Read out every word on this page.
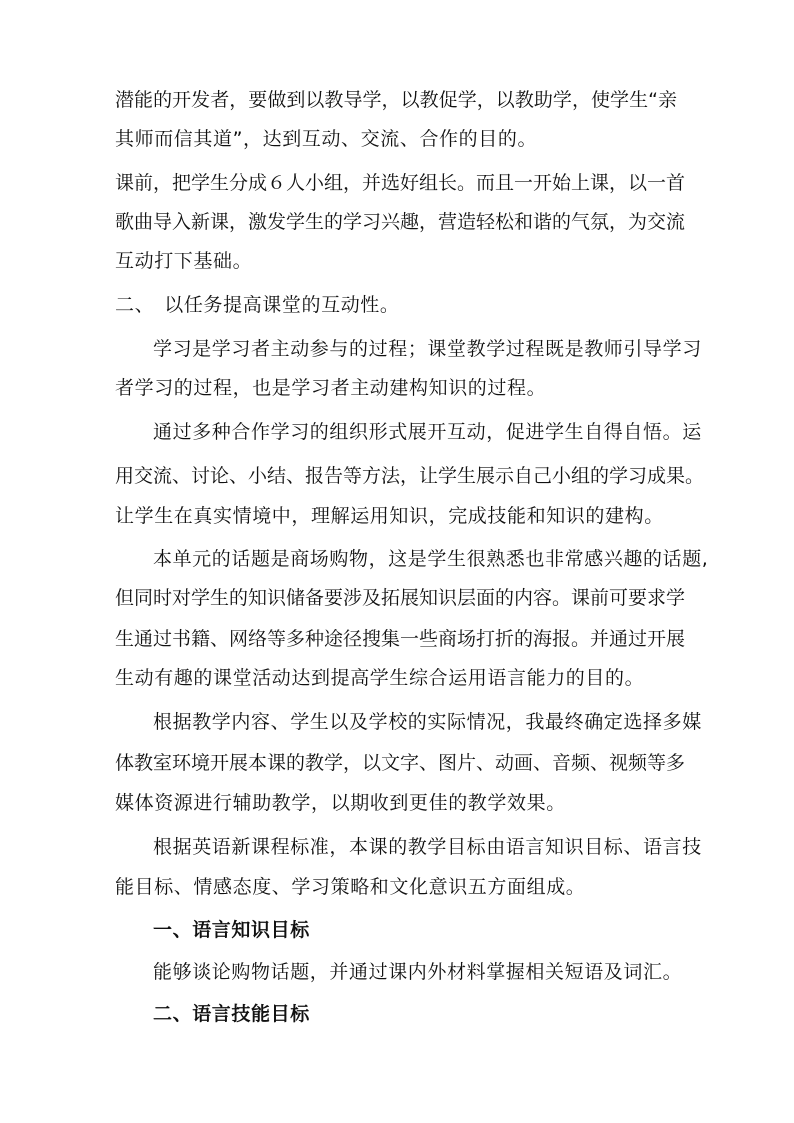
潜能的开发者，要做到以教导学，以教促学，以教助学，使学生“亲
其师而信其道”，达到互动、交流、合作的目的。
课前，把学生分成６人小组，并选好组长。而且一开始上课，以一首
歌曲导入新课，激发学生的学习兴趣，营造轻松和谐的气氛，为交流
互动打下基础。
二、　以任务提高课堂的互动性。
学习是学习者主动参与的过程；课堂教学过程既是教师引导学习
者学习的过程，也是学习者主动建构知识的过程。
通过多种合作学习的组织形式展开互动，促进学生自得自悟。运
用交流、讨论、小结、报告等方法，让学生展示自己小组的学习成果。
让学生在真实情境中，理解运用知识，完成技能和知识的建构。
本单元的话题是商场购物，这是学生很熟悉也非常感兴趣的话题,
但同时对学生的知识储备要涉及拓展知识层面的内容。课前可要求学
生通过书籍、网络等多种途径搜集一些商场打折的海报。并通过开展
生动有趣的课堂活动达到提高学生综合运用语言能力的目的。
根据教学内容、学生以及学校的实际情况，我最终确定选择多媒
体教室环境开展本课的教学，以文字、图片、动画、音频、视频等多
媒体资源进行辅助教学，以期收到更佳的教学效果。
根据英语新课程标准，本课的教学目标由语言知识目标、语言技
能目标、情感态度、学习策略和文化意识五方面组成。
一、语言知识目标
能够谈论购物话题，并通过课内外材料掌握相关短语及词汇。
二、语言技能目标
